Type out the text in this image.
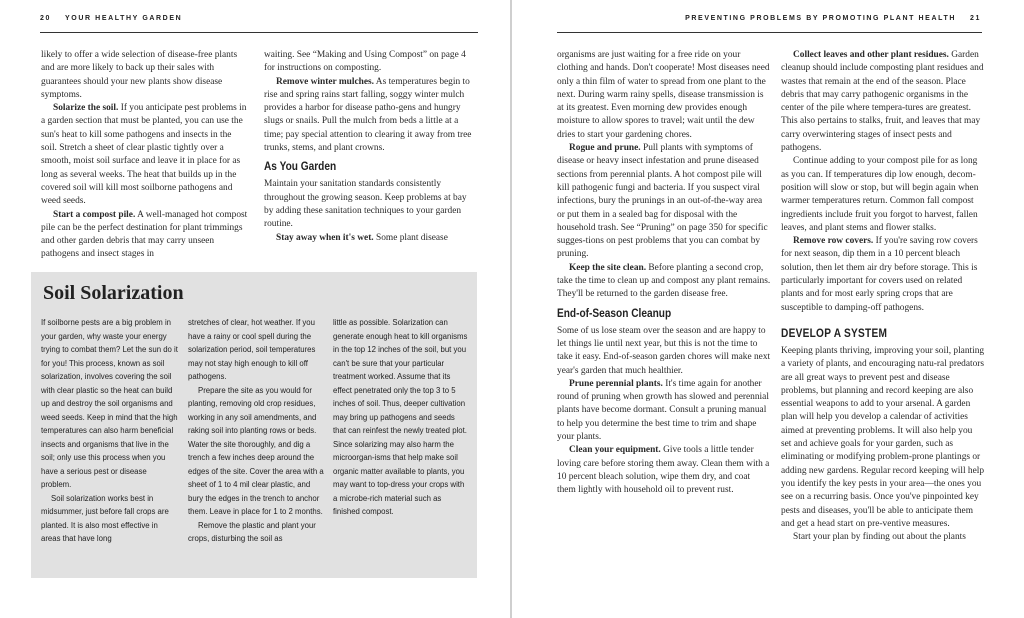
20 YOUR HEALTHY GARDEN

likely to offer a wide selection of disease-free plants and are more likely to back up their sales with guarantees should your new plants show disease symptoms.

Solarize the soil. If you anticipate pest problems in a garden section that must be planted, you can use the sun's heat to kill some pathogens and insects in the soil. Stretch a sheet of clear plastic tightly over a smooth, moist soil surface and leave it in place for as long as several weeks. The heat that builds up in the covered soil will kill most soilborne pathogens and weed seeds.

Start a compost pile. A well-managed hot compost pile can be the perfect destination for plant trimmings and other garden debris that may carry unseen pathogens and insect stages in

waiting. See “Making and Using Compost” on page 4 for instructions on composting.

Remove winter mulches. As temperatures begin to rise and spring rains start falling, soggy winter mulch provides a harbor for disease patho-gens and hungry slugs or snails. Pull the mulch from beds a little at a time; pay special attention to clearing it away from tree trunks, stems, and plant crowns.

As You Garden

Maintain your sanitation standards consistently throughout the growing season. Keep problems at bay by adding these sanitation techniques to your garden routine.

Stay away when it's wet. Some plant disease

Soil Solarization

If soilborne pests are a big problem in your garden, why waste your energy trying to combat them? Let the sun do it for you! This process, known as soil solarization, involves covering the soil with clear plastic so the heat can build up and destroy the soil organisms and weed seeds. Keep in mind that the high temperatures can also harm beneficial insects and organisms that live in the soil; only use this process when you have a serious pest or disease problem.

Soil solarization works best in midsummer, just before fall crops are planted. It is also most effective in areas that have long

stretches of clear, hot weather. If you have a rainy or cool spell during the solarization period, soil temperatures may not stay high enough to kill off pathogens.

Prepare the site as you would for planting, removing old crop residues, working in any soil amendments, and raking soil into planting rows or beds. Water the site thoroughly, and dig a trench a few inches deep around the edges of the site. Cover the area with a sheet of 1 to 4 mil clear plastic, and bury the edges in the trench to anchor them. Leave in place for 1 to 2 months.

Remove the plastic and plant your crops, disturbing the soil as

little as possible. Solarization can generate enough heat to kill organisms in the top 12 inches of the soil, but you can't be sure that your particular treatment worked. Assume that its effect penetrated only the top 3 to 5 inches of soil. Thus, deeper cultivation may bring up pathogens and seeds that can reinfest the newly treated plot. Since solarizing may also harm the microorgan-isms that help make soil organic matter available to plants, you may want to top-dress your crops with a microbe-rich material such as finished compost.

PREVENTING PROBLEMS BY PROMOTING PLANT HEALTH 21

organisms are just waiting for a free ride on your clothing and hands. Don't cooperate! Most diseases need only a thin film of water to spread from one plant to the next. During warm rainy spells, disease transmission is at its greatest. Even morning dew provides enough moisture to allow spores to travel; wait until the dew dries to start your gardening chores.

Rogue and prune. Pull plants with symptoms of disease or heavy insect infestation and prune diseased sections from perennial plants. A hot compost pile will kill pathogenic fungi and bacteria. If you suspect viral infections, bury the prunings in an out-of-the-way area or put them in a sealed bag for disposal with the household trash. See “Pruning” on page 350 for specific sugges-tions on pest problems that you can combat by pruning.

Keep the site clean. Before planting a second crop, take the time to clean up and compost any plant remains. They'll be returned to the garden disease free.

End-of-Season Cleanup

Some of us lose steam over the season and are happy to let things lie until next year, but this is not the time to take it easy. End-of-season garden chores will make next year's garden that much healthier.

Prune perennial plants. It's time again for another round of pruning when growth has slowed and perennial plants have become dormant. Consult a pruning manual to help you determine the best time to trim and shape your plants.

Clean your equipment. Give tools a little tender loving care before storing them away. Clean them with a 10 percent bleach solution, wipe them dry, and coat them lightly with household oil to prevent rust.

Collect leaves and other plant residues. Garden cleanup should include composting plant residues and wastes that remain at the end of the season. Place debris that may carry pathogenic organisms in the center of the pile where tempera-tures are greatest. This also pertains to stalks, fruit, and leaves that may carry overwintering stages of insect pests and pathogens.

Continue adding to your compost pile for as long as you can. If temperatures dip low enough, decom-position will slow or stop, but will begin again when warmer temperatures return. Common fall compost ingredients include fruit you forgot to harvest, fallen leaves, and plant stems and flower stalks.

Remove row covers. If you're saving row covers for next season, dip them in a 10 percent bleach solution, then let them air dry before storage. This is particularly important for covers used on related plants and for most early spring crops that are susceptible to damping-off pathogens.

DEVELOP A SYSTEM

Keeping plants thriving, improving your soil, planting a variety of plants, and encouraging natu-ral predators are all great ways to prevent pest and disease problems, but planning and record keeping are also essential weapons to add to your arsenal. A garden plan will help you develop a calendar of activities aimed at preventing problems. It will also help you set and achieve goals for your garden, such as eliminating or modifying problem-prone plantings or adding new gardens. Regular record keeping will help you identify the key pests in your area—the ones you see on a recurring basis. Once you've pinpointed key pests and diseases, you'll be able to anticipate them and get a head start on pre-ventive measures.

Start your plan by finding out about the plants
